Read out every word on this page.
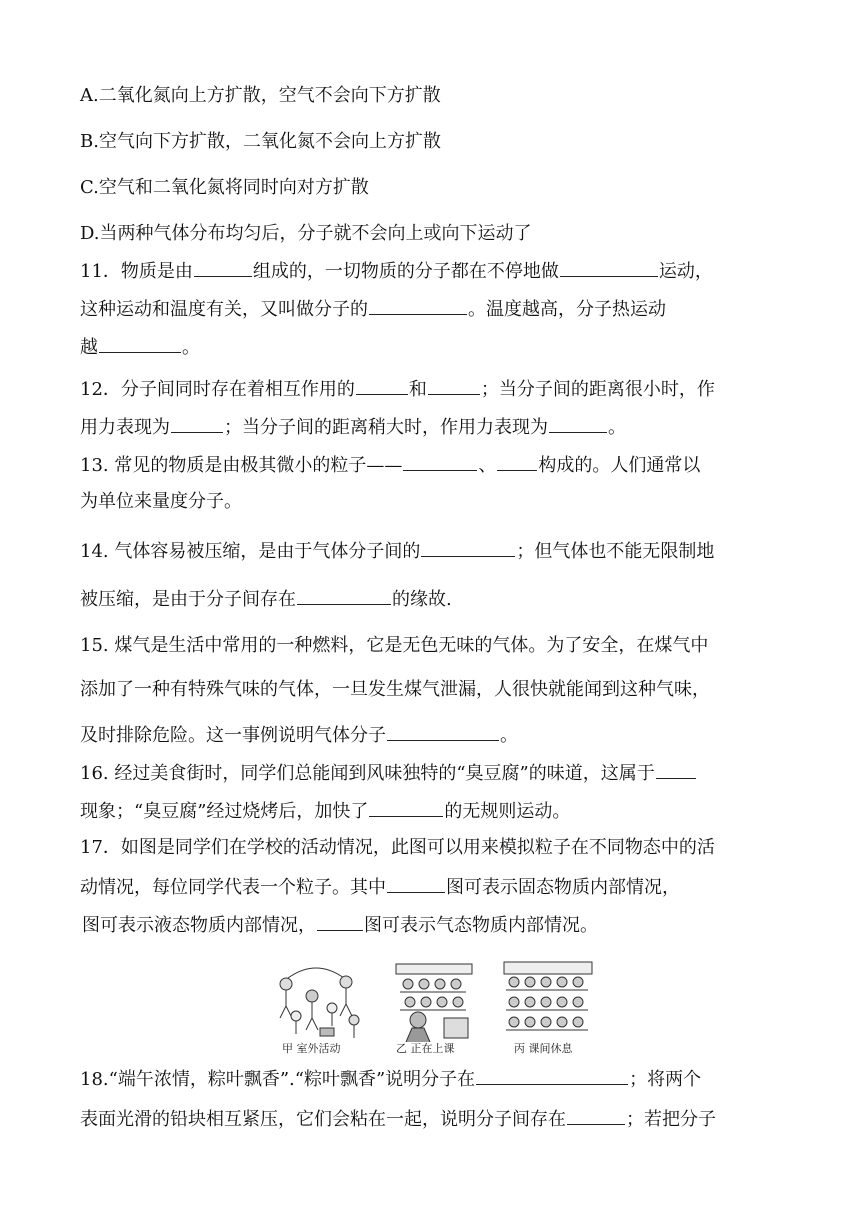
A.二氧化氮向上方扩散，空气不会向下方扩散
B.空气向下方扩散，二氧化氮不会向上方扩散
C.空气和二氧化氮将同时向对方扩散
D.当两种气体分布均匀后，分子就不会向上或向下运动了
11．物质是由	组成的，一切物质的分子都在不停地做	运动，
这种运动和温度有关，又叫做分子的	。温度越高，分子热运动
越	。
12．分子间同时存在着相互作用的	和	；当分子间的距离很小时，作
用力表现为	；当分子间的距离稍大时，作用力表现为	。
13. 常见的物质是由极其微小的粒子——	、 构成的。人们通常以
为单位来量度分子。
14. 气体容易被压缩，是由于气体分子间的	；但气体也不能无限制地
被压缩，是由于分子间存在	的缘故.
15. 煤气是生活中常用的一种燃料，它是无色无味的气体。为了安全，在煤气中
添加了一种有特殊气味的气体，一旦发生煤气泄漏，人很快就能闻到这种气味，
及时排除危险。这一事例说明气体分子	。
16. 经过美食街时，同学们总能闻到风味独特的“臭豆腐”的味道，这属于
现象；“臭豆腐”经过烧烤后，加快了	的无规则运动。
17．如图是同学们在学校的活动情况，此图可以用来模拟粒子在不同物态中的活
动情况，每位同学代表一个粒子。其中	图可表示固态物质内部情况，
图可表示液态物质内部情况，	图可表示气态物质内部情况。
甲 室外活动	乙 正在上课	丙 课间休息
18.“端午浓情，粽叶飘香”.“粽叶飘香”说明分子在	；将两个
表面光滑的铅块相互紧压，它们会粘在一起，说明分子间存在	；若把分子
